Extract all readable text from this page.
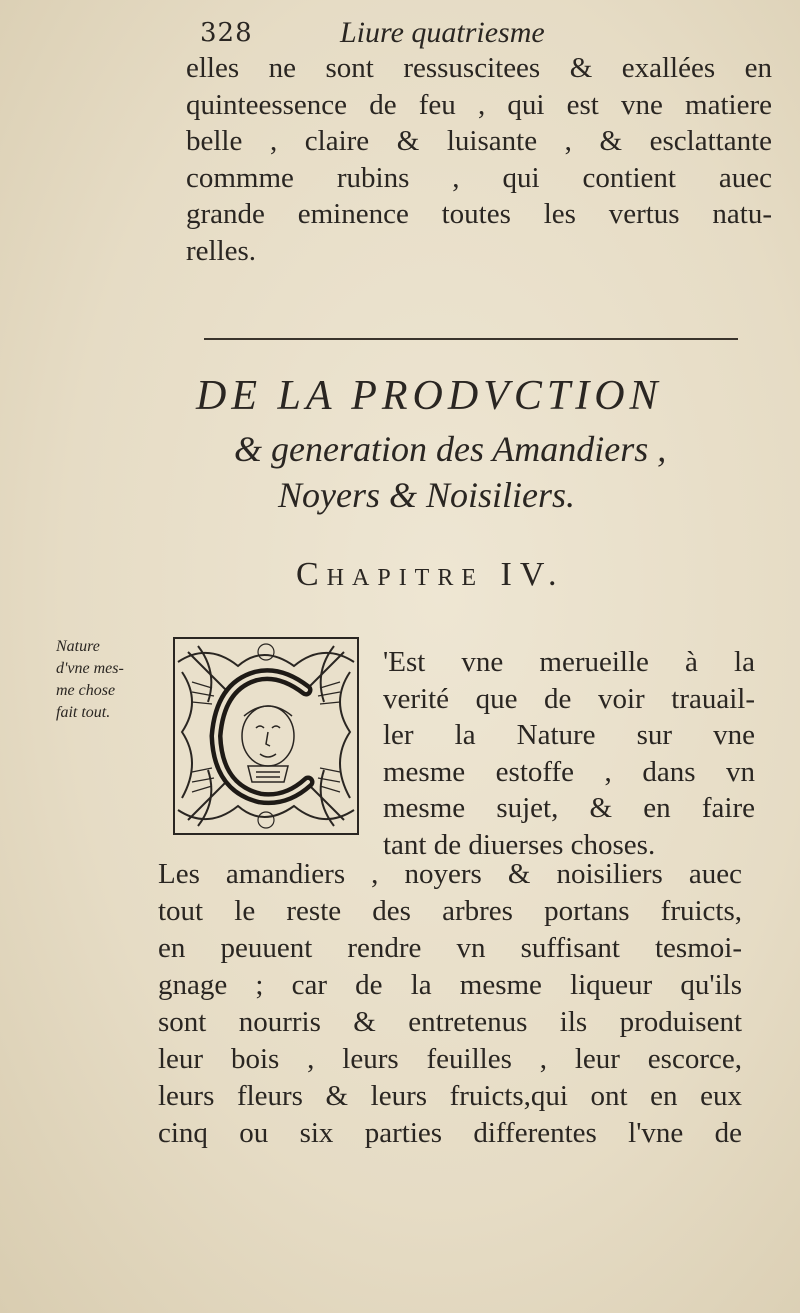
328	Liure quatriesme

elles ne sont ressuscitees & exallées en
quinteessence de feu , qui est vne matiere
belle , claire & luisante , & esclattante
commme rubins , qui contient auec
grande eminence toutes les vertus natu-
relles.

DE LA PRODVCTION
& generation des Amandiers ,
Noyers & Noisiliers.
Chapitre IV.
Nature
d'vne mes-
me chose
fait tout.

'Est vne merueille à la
verité que de voir trauail-
ler la Nature sur vne
mesme estoffe , dans vn
mesme sujet, & en faire
tant de diuerses choses.

Les amandiers , noyers & noisiliers auec
tout le reste des arbres portans fruicts,
en peuuent rendre vn suffisant tesmoi-
gnage ; car de la mesme liqueur qu'ils
sont nourris & entretenus ils produisent
leur bois , leurs feuilles , leur escorce,
leurs fleurs & leurs fruicts,qui ont en eux
cinq ou six parties differentes l'vne de
